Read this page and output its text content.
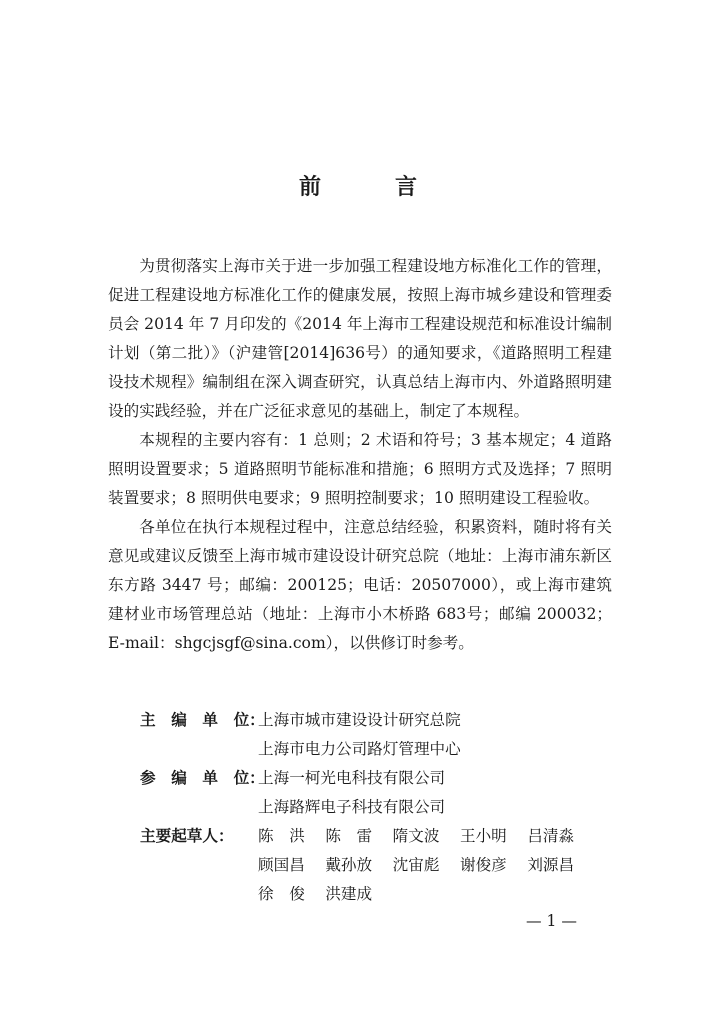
前　言

为贯彻落实上海市关于进一步加强工程建设地方标准化工作的管理，促进工程建设地方标准化工作的健康发展，按照上海市城乡建设和管理委员会 2014 年 7 月印发的《2014 年上海市工程建设规范和标准设计编制计划（第二批）》（沪建管[2014]636号）的通知要求，《道路照明工程建设技术规程》编制组在深入调查研究，认真总结上海市内、外道路照明建设的实践经验，并在广泛征求意见的基础上，制定了本规程。

本规程的主要内容有：1 总则；2 术语和符号；3 基本规定；4 道路照明设置要求；5 道路照明节能标准和措施；6 照明方式及选择；7 照明装置要求；8 照明供电要求；9 照明控制要求；10 照明建设工程验收。

各单位在执行本规程过程中，注意总结经验，积累资料，随时将有关意见或建议反馈至上海市城市建设设计研究总院（地址：上海市浦东新区东方路 3447 号；邮编：200125；电话：20507000），或上海市建筑建材业市场管理总站（地址：上海市小木桥路 683号；邮编 200032；E-mail：shgcjsgf@sina.com），以供修订时参考。

主　编　单　位：
上海市城市建设设计研究总院
上海市电力公司路灯管理中心
参　编　单　位：
上海一柯光电科技有限公司
上海路辉电子科技有限公司
主要起草人：	陈　洪　 陈　雷　 隋文波　 王小明　 吕清淼
顾国昌　 戴孙放　 沈宙彪　 谢俊彦　 刘源昌
徐　俊　 洪建成
— 1 —
